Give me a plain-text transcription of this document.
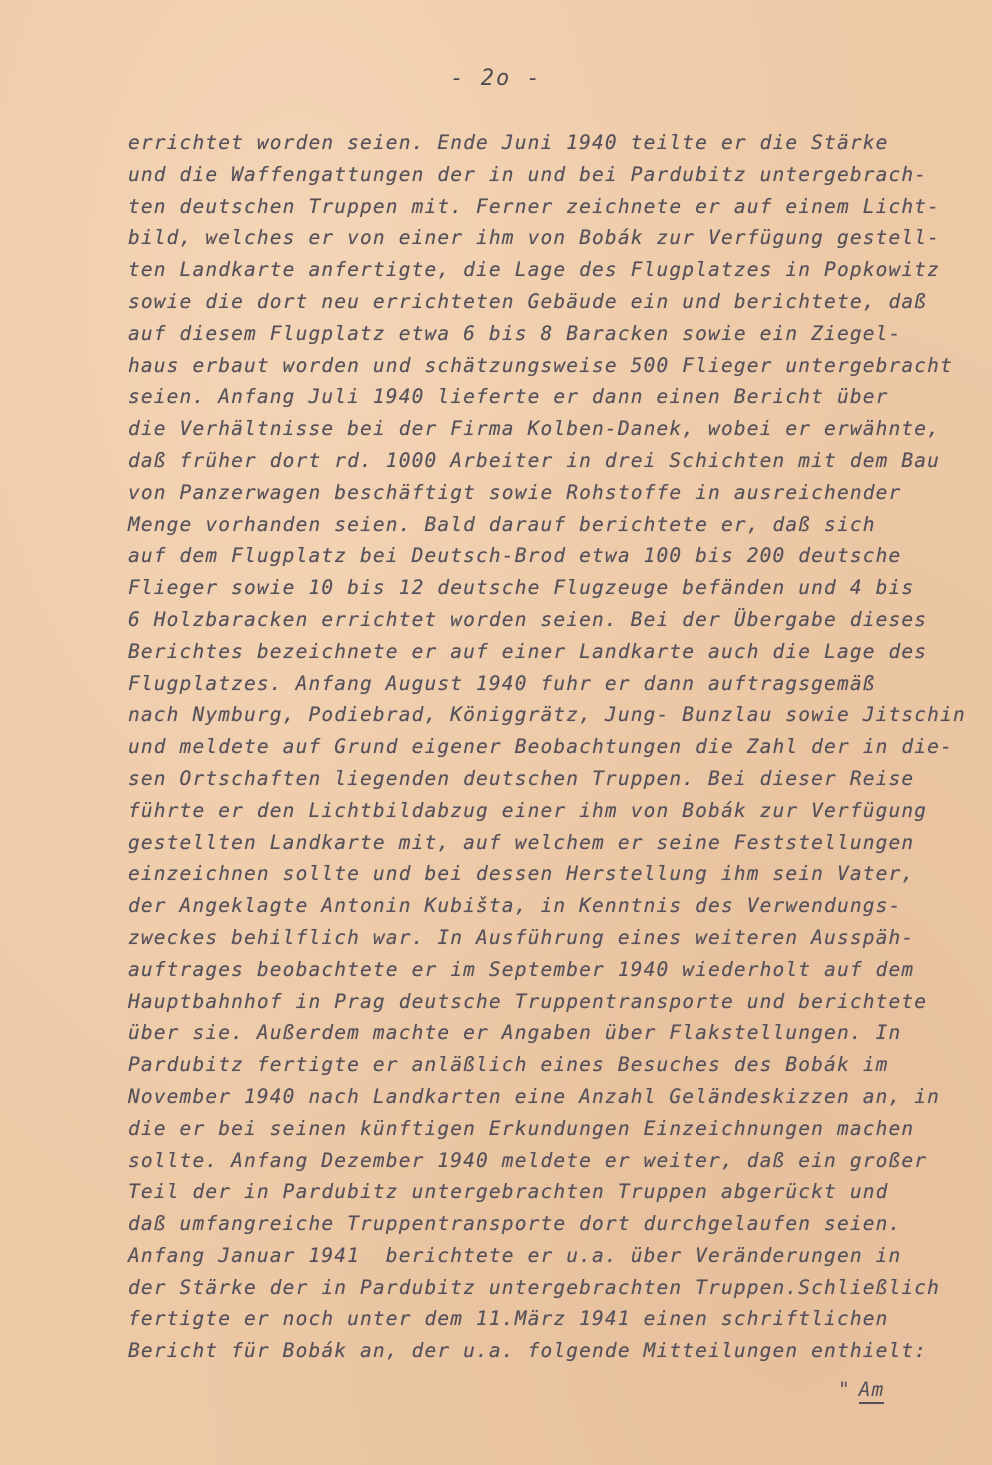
- 2o -
errichtet worden seien. Ende Juni 1940 teilte er die Stärke
und die Waffengattungen der in und bei Pardubitz untergebrach-
ten deutschen Truppen mit. Ferner zeichnete er auf einem Licht-
bild, welches er von einer ihm von Bobák zur Verfügung gestell-
ten Landkarte anfertigte, die Lage des Flugplatzes in Popkowitz
sowie die dort neu errichteten Gebäude ein und berichtete, daß
auf diesem Flugplatz etwa 6 bis 8 Baracken sowie ein Ziegel-
haus erbaut worden und schätzungsweise 500 Flieger untergebracht
seien. Anfang Juli 1940 lieferte er dann einen Bericht über
die Verhältnisse bei der Firma Kolben-Danek, wobei er erwähnte,
daß früher dort rd. 1000 Arbeiter in drei Schichten mit dem Bau
von Panzerwagen beschäftigt sowie Rohstoffe in ausreichender
Menge vorhanden seien. Bald darauf berichtete er, daß sich
auf dem Flugplatz bei Deutsch-Brod etwa 100 bis 200 deutsche
Flieger sowie 10 bis 12 deutsche Flugzeuge befänden und 4 bis
6 Holzbaracken errichtet worden seien. Bei der Übergabe dieses
Berichtes bezeichnete er auf einer Landkarte auch die Lage des
Flugplatzes. Anfang August 1940 fuhr er dann auftragsgemäß
nach Nymburg, Podiebrad, Königgrätz, Jung- Bunzlau sowie Jitschin
und meldete auf Grund eigener Beobachtungen die Zahl der in die-
sen Ortschaften liegenden deutschen Truppen. Bei dieser Reise
führte er den Lichtbildabzug einer ihm von Bobák zur Verfügung
gestellten Landkarte mit, auf welchem er seine Feststellungen
einzeichnen sollte und bei dessen Herstellung ihm sein Vater,
der Angeklagte Antonin Kubišta, in Kenntnis des Verwendungs-
zweckes behilflich war. In Ausführung eines weiteren Ausspäh-
auftrages beobachtete er im September 1940 wiederholt auf dem
Hauptbahnhof in Prag deutsche Truppentransporte und berichtete
über sie. Außerdem machte er Angaben über Flakstellungen. In
Pardubitz fertigte er anläßlich eines Besuches des Bobák im
November 1940 nach Landkarten eine Anzahl Geländeskizzen an, in
die er bei seinen künftigen Erkundungen Einzeichnungen machen
sollte. Anfang Dezember 1940 meldete er weiter, daß ein großer
Teil der in Pardubitz untergebrachten Truppen abgerückt und
daß umfangreiche Truppentransporte dort durchgelaufen seien.
Anfang Januar 1941  berichtete er u.a. über Veränderungen in
der Stärke der in Pardubitz untergebrachten Truppen.Schließlich
fertigte er noch unter dem 11.März 1941 einen schriftlichen
Bericht für Bobák an, der u.a. folgende Mitteilungen enthielt:
" Am
